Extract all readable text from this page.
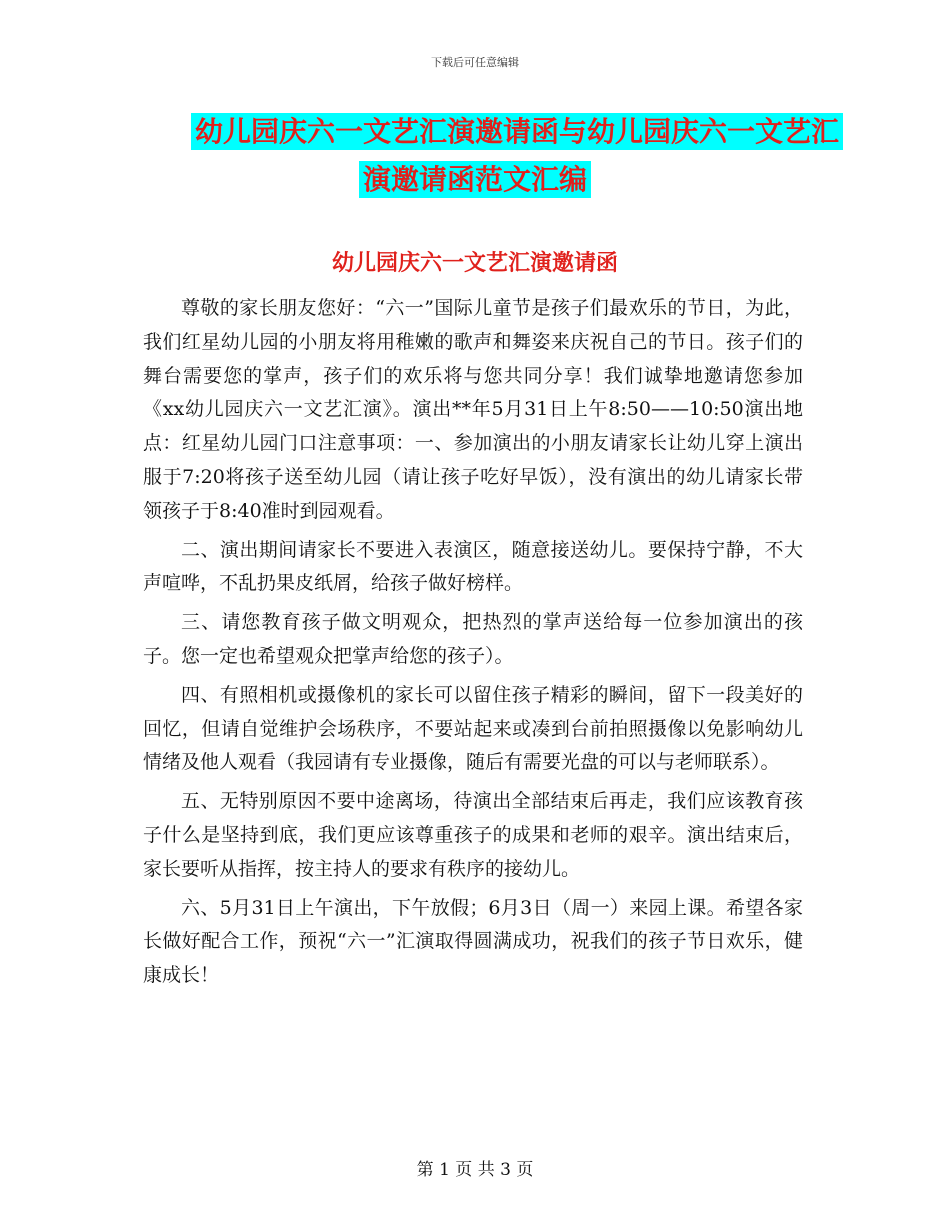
下载后可任意编辑
幼儿园庆六一文艺汇演邀请函与幼儿园庆六一文艺汇
演邀请函范文汇编
幼儿园庆六一文艺汇演邀请函

尊敬的家长朋友您好：“六一”国际儿童节是孩子们最欢乐的节日，为此，我们红星幼儿园的小朋友将用稚嫩的歌声和舞姿来庆祝自己的节日。孩子们的舞台需要您的掌声，孩子们的欢乐将与您共同分享！我们诚挚地邀请您参加《xx幼儿园庆六一文艺汇演》。演出**年5月31日上午8:50——10:50演出地点：红星幼儿园门口注意事项：一、参加演出的小朋友请家长让幼儿穿上演出服于7:20将孩子送至幼儿园（请让孩子吃好早饭），没有演出的幼儿请家长带领孩子于8:40准时到园观看。

二、演出期间请家长不要进入表演区，随意接送幼儿。要保持宁静，不大声喧哗，不乱扔果皮纸屑，给孩子做好榜样。

三、请您教育孩子做文明观众，把热烈的掌声送给每一位参加演出的孩子。您一定也希望观众把掌声给您的孩子）。

四、有照相机或摄像机的家长可以留住孩子精彩的瞬间，留下一段美好的回忆，但请自觉维护会场秩序，不要站起来或凑到台前拍照摄像以免影响幼儿情绪及他人观看（我园请有专业摄像，随后有需要光盘的可以与老师联系）。

五、无特别原因不要中途离场，待演出全部结束后再走，我们应该教育孩子什么是坚持到底，我们更应该尊重孩子的成果和老师的艰辛。演出结束后，家长要听从指挥，按主持人的要求有秩序的接幼儿。

六、5月31日上午演出，下午放假；6月3日（周一）来园上课。希望各家长做好配合工作，预祝“六一”汇演取得圆满成功，祝我们的孩子节日欢乐，健康成长！

第 1 页 共 3 页
